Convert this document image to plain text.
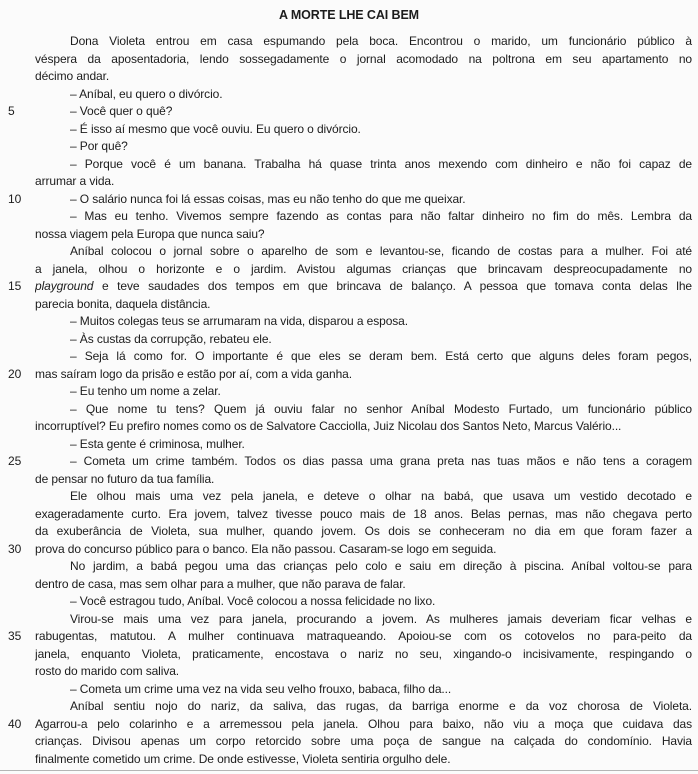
A MORTE LHE CAI BEM
Dona Violeta entrou em casa espumando pela boca. Encontrou o marido, um funcionário público à
véspera da aposentadoria, lendo sossegadamente o jornal acomodado na poltrona em seu apartamento no
décimo andar.
– Aníbal, eu quero o divórcio.
5	– Você quer o quê?
– É isso aí mesmo que você ouviu. Eu quero o divórcio.
– Por quê?
– Porque você é um banana. Trabalha há quase trinta anos mexendo com dinheiro e não foi capaz de
arrumar a vida.
10	– O salário nunca foi lá essas coisas, mas eu não tenho do que me queixar.
– Mas eu tenho. Vivemos sempre fazendo as contas para não faltar dinheiro no fim do mês. Lembra da
nossa viagem pela Europa que nunca saiu?
Aníbal colocou o jornal sobre o aparelho de som e levantou-se, ficando de costas para a mulher. Foi até
a janela, olhou o horizonte e o jardim. Avistou algumas crianças que brincavam despreocupadamente no
15	playground e teve saudades dos tempos em que brincava de balanço. A pessoa que tomava conta delas lhe
parecia bonita, daquela distância.
– Muitos colegas teus se arrumaram na vida, disparou a esposa.
– Às custas da corrupção, rebateu ele.
– Seja lá como for. O importante é que eles se deram bem. Está certo que alguns deles foram pegos,
20	mas saíram logo da prisão e estão por aí, com a vida ganha.
– Eu tenho um nome a zelar.
– Que nome tu tens? Quem já ouviu falar no senhor Aníbal Modesto Furtado, um funcionário público
incorruptível? Eu prefiro nomes como os de Salvatore Cacciolla, Juiz Nicolau dos Santos Neto, Marcus Valério...
– Esta gente é criminosa, mulher.
25	– Cometa um crime também. Todos os dias passa uma grana preta nas tuas mãos e não tens a coragem
de pensar no futuro da tua família.
Ele olhou mais uma vez pela janela, e deteve o olhar na babá, que usava um vestido decotado e
exageradamente curto. Era jovem, talvez tivesse pouco mais de 18 anos. Belas pernas, mas não chegava perto
da exuberância de Violeta, sua mulher, quando jovem. Os dois se conheceram no dia em que foram fazer a
30	prova do concurso público para o banco. Ela não passou. Casaram-se logo em seguida.
No jardim, a babá pegou uma das crianças pelo colo e saiu em direção à piscina. Aníbal voltou-se para
dentro de casa, mas sem olhar para a mulher, que não parava de falar.
– Você estragou tudo, Aníbal. Você colocou a nossa felicidade no lixo.
Virou-se mais uma vez para janela, procurando a jovem. As mulheres jamais deveriam ficar velhas e
35	rabugentas, matutou. A mulher continuava matraqueando. Apoiou-se com os cotovelos no para-peito da
janela, enquanto Violeta, praticamente, encostava o nariz no seu, xingando-o incisivamente, respingando o
rosto do marido com saliva.
– Cometa um crime uma vez na vida seu velho frouxo, babaca, filho da...
Aníbal sentiu nojo do nariz, da saliva, das rugas, da barriga enorme e da voz chorosa de Violeta.
40	Agarrou-a pelo colarinho e a arremessou pela janela. Olhou para baixo, não viu a moça que cuidava das
crianças. Divisou apenas um corpo retorcido sobre uma poça de sangue na calçada do condomínio. Havia
finalmente cometido um crime. De onde estivesse, Violeta sentiria orgulho dele.
